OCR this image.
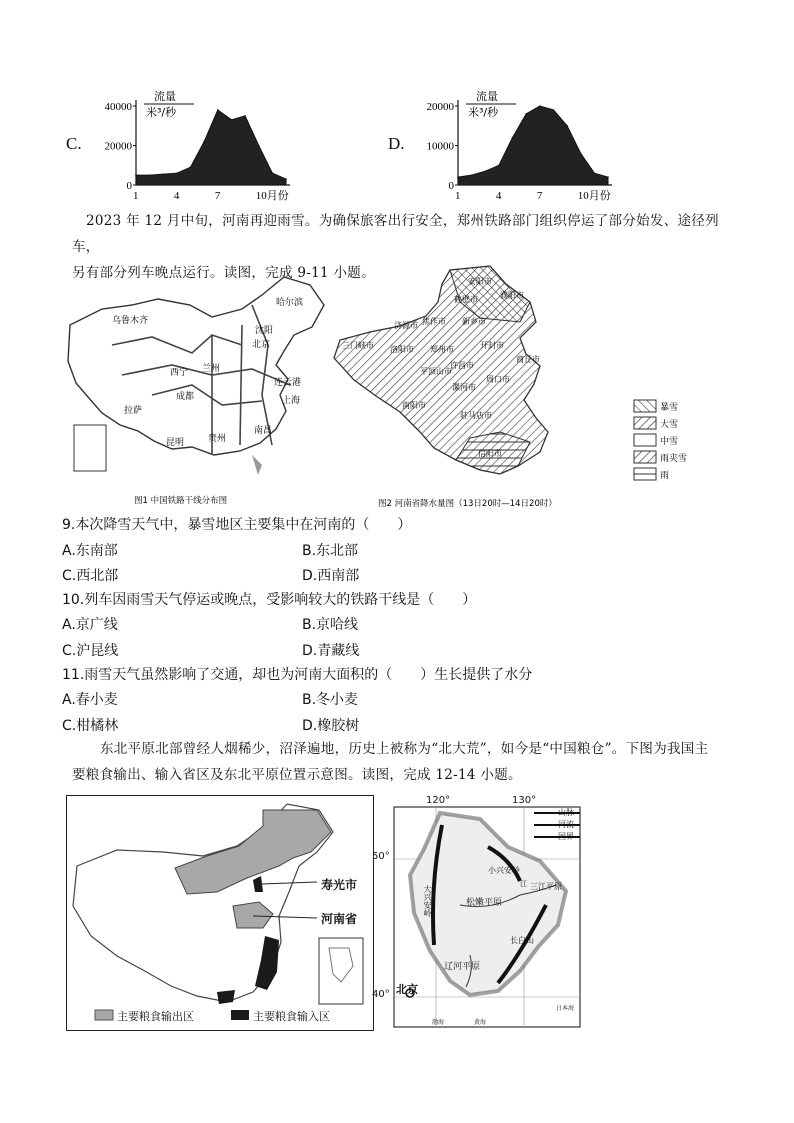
C.
40000
20000
0
1	4	7	10月份
流量
米³/秒
D.
20000
10000
0
1	4	7	10月份
流量
米³/秒
2023 年 12 月中旬，河南再迎雨雪。为确保旅客出行安全，郑州铁路部门组织停运了部分始发、途径列车，
另有部分列车晚点运行。读图，完成 9-11 小题。
乌鲁木齐
哈尔滨
沈阳
北京
兰州
西宁
连云港
成都	上海
拉萨
南昌
昆明	贵州
图1 中国铁路干线分布图
暴雪
大雪
中雪
雨夹雪
雨
安阳市
鹤壁市	濮阳市
焦作市 新乡市
济源市
郑州市	开封市
三门峡市 洛阳市
平顶山市
许昌市
漯河市
周口市
商丘市
南阳市
驻马店市
信阳市
图2 河南省降水量图（13日20时—14日20时）
9.本次降雪天气中，暴雪地区主要集中在河南的（　　）
A.东南部	B.东北部
C.西北部	D.西南部
10.列车因雨雪天气停运或晚点，受影响较大的铁路干线是（　　）
A.京广线	B.京哈线
C.沪昆线	D.青藏线
11.雨雪天气虽然影响了交通，却也为河南大面积的（　　）生长提供了水分
A.春小麦	B.冬小麦
C.柑橘林	D.橡胶树
东北平原北部曾经人烟稀少，沼泽遍地，历史上被称为“北大荒”，如今是“中国粮仓”。下图为我国主
要粮食输出、输入省区及东北平原位置示意图。读图，完成 12-14 小题。
寿光市
河南省
主要粮食输出区	主要粮食输入区
120°	130°
50°
40°
山脉
河流
国界
大兴安岭
小兴安岭
松嫩平原
三江平原
辽河平原
长白山
北京
日本海
黄海
渤海
江
